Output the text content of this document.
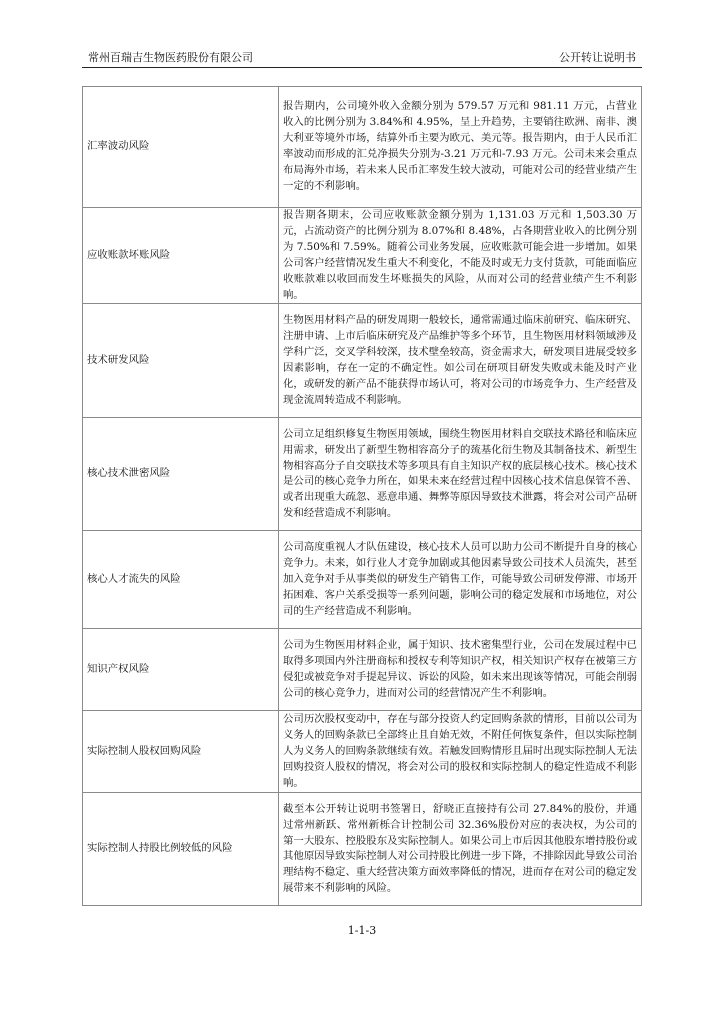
常州百瑞吉生物医药股份有限公司	公开转让说明书
汇率波动风险	报告期内，公司境外收入金额分别为 579.57 万元和 981.11 万元，占营业收入的比例分别为 3.84%和 4.95%，呈上升趋势，主要销往欧洲、南非、澳大利亚等境外市场，结算外币主要为欧元、美元等。报告期内，由于人民币汇率波动而形成的汇兑净损失分别为-3.21 万元和-7.93 万元。公司未来会重点布局海外市场，若未来人民币汇率发生较大波动，可能对公司的经营业绩产生一定的不利影响。
应收账款坏账风险	报告期各期末，公司应收账款金额分别为 1,131.03 万元和 1,503.30 万元，占流动资产的比例分别为 8.07%和 8.48%，占各期营业收入的比例分别为 7.50%和 7.59%。随着公司业务发展，应收账款可能会进一步增加。如果公司客户经营情况发生重大不利变化，不能及时或无力支付货款，可能面临应收账款难以收回而发生坏账损失的风险，从而对公司的经营业绩产生不利影响。
技术研发风险	生物医用材料产品的研发周期一般较长，通常需通过临床前研究、临床研究、注册申请、上市后临床研究及产品维护等多个环节，且生物医用材料领域涉及学科广泛，交叉学科较深，技术壁垒较高，资金需求大，研发项目进展受较多因素影响，存在一定的不确定性。如公司在研项目研发失败或未能及时产业化，或研发的新产品不能获得市场认可，将对公司的市场竞争力、生产经营及现金流周转造成不利影响。
核心技术泄密风险	公司立足组织修复生物医用领域，围绕生物医用材料自交联技术路径和临床应用需求，研发出了新型生物相容高分子的巯基化衍生物及其制备技术、新型生物相容高分子自交联技术等多项具有自主知识产权的底层核心技术。核心技术是公司的核心竞争力所在，如果未来在经营过程中因核心技术信息保管不善、或者出现重大疏忽、恶意串通、舞弊等原因导致技术泄露，将会对公司产品研发和经营造成不利影响。
核心人才流失的风险	公司高度重视人才队伍建设，核心技术人员可以助力公司不断提升自身的核心竞争力。未来，如行业人才竞争加剧或其他因素导致公司技术人员流失，甚至加入竞争对手从事类似的研发生产销售工作，可能导致公司研发停滞、市场开拓困难、客户关系受损等一系列问题，影响公司的稳定发展和市场地位，对公司的生产经营造成不利影响。
知识产权风险	公司为生物医用材料企业，属于知识、技术密集型行业，公司在发展过程中已取得多项国内外注册商标和授权专利等知识产权，相关知识产权存在被第三方侵犯或被竞争对手提起异议、诉讼的风险，如未来出现该等情况，可能会削弱公司的核心竞争力，进而对公司的经营情况产生不利影响。
实际控制人股权回购风险	公司历次股权变动中，存在与部分投资人约定回购条款的情形，目前以公司为义务人的回购条款已全部终止且自始无效，不附任何恢复条件，但以实际控制人为义务人的回购条款继续有效。若触发回购情形且届时出现实际控制人无法回购投资人股权的情况，将会对公司的股权和实际控制人的稳定性造成不利影响。
实际控制人持股比例较低的风险	截至本公开转让说明书签署日，舒晓正直接持有公司 27.84%的股份，并通过常州新跃、常州新栎合计控制公司 32.36%股份对应的表决权，为公司的第一大股东、控股股东及实际控制人。如果公司上市后因其他股东增持股份或其他原因导致实际控制人对公司持股比例进一步下降，不排除因此导致公司治理结构不稳定、重大经营决策方面效率降低的情况，进而存在对公司的稳定发展带来不利影响的风险。
1-1-3
